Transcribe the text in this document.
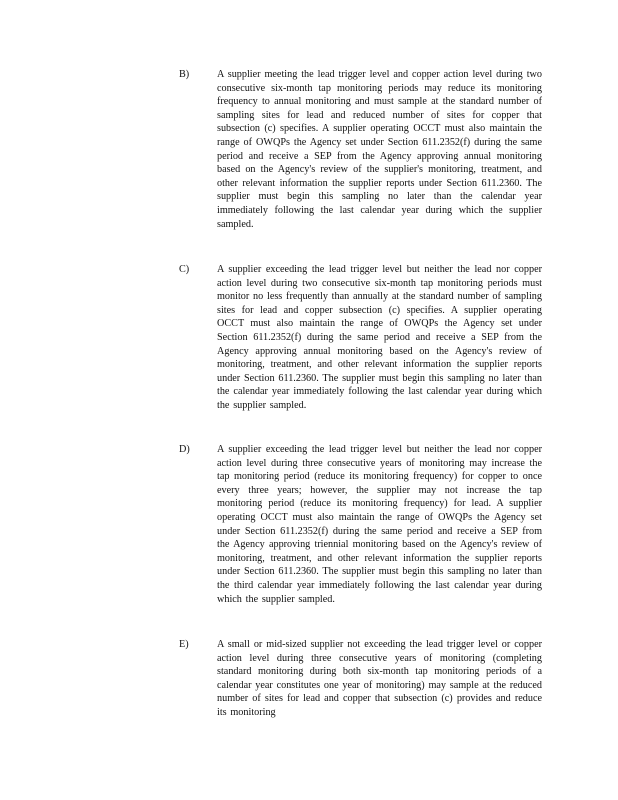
B)	A supplier meeting the lead trigger level and copper action level during two consecutive six-month tap monitoring periods may reduce its monitoring frequency to annual monitoring and must sample at the standard number of sampling sites for lead and reduced number of sites for copper that subsection (c) specifies. A supplier operating OCCT must also maintain the range of OWQPs the Agency set under Section 611.2352(f) during the same period and receive a SEP from the Agency approving annual monitoring based on the Agency's review of the supplier's monitoring, treatment, and other relevant information the supplier reports under Section 611.2360. The supplier must begin this sampling no later than the calendar year immediately following the last calendar year during which the supplier sampled.

C)	A supplier exceeding the lead trigger level but neither the lead nor copper action level during two consecutive six-month tap monitoring periods must monitor no less frequently than annually at the standard number of sampling sites for lead and copper subsection (c) specifies. A supplier operating OCCT must also maintain the range of OWQPs the Agency set under Section 611.2352(f) during the same period and receive a SEP from the Agency approving annual monitoring based on the Agency's review of monitoring, treatment, and other relevant information the supplier reports under Section 611.2360. The supplier must begin this sampling no later than the calendar year immediately following the last calendar year during which the supplier sampled.

D)	A supplier exceeding the lead trigger level but neither the lead nor copper action level during three consecutive years of monitoring may increase the tap monitoring period (reduce its monitoring frequency) for copper to once every three years; however, the supplier may not increase the tap monitoring period (reduce its monitoring frequency) for lead. A supplier operating OCCT must also maintain the range of OWQPs the Agency set under Section 611.2352(f) during the same period and receive a SEP from the Agency approving triennial monitoring based on the Agency's review of monitoring, treatment, and other relevant information the supplier reports under Section 611.2360. The supplier must begin this sampling no later than the third calendar year immediately following the last calendar year during which the supplier sampled.

E)	A small or mid-sized supplier not exceeding the lead trigger level or copper action level during three consecutive years of monitoring (completing standard monitoring during both six-month tap monitoring periods of a calendar year constitutes one year of monitoring) may sample at the reduced number of sites for lead and copper that subsection (c) provides and reduce its monitoring
